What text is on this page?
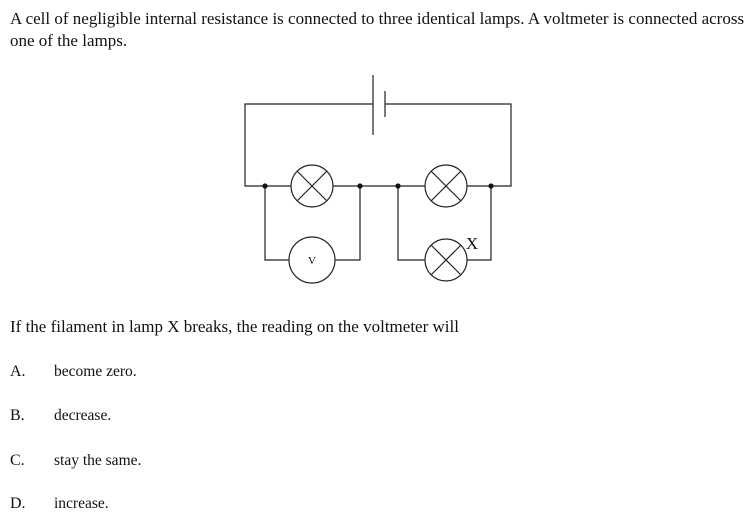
A cell of negligible internal resistance is connected to three identical lamps. A voltmeter is connected across one of the lamps.

V
X

If the filament in lamp X breaks, the reading on the voltmeter will

A. become zero.
B. decrease.
C. stay the same.
D. increase.
